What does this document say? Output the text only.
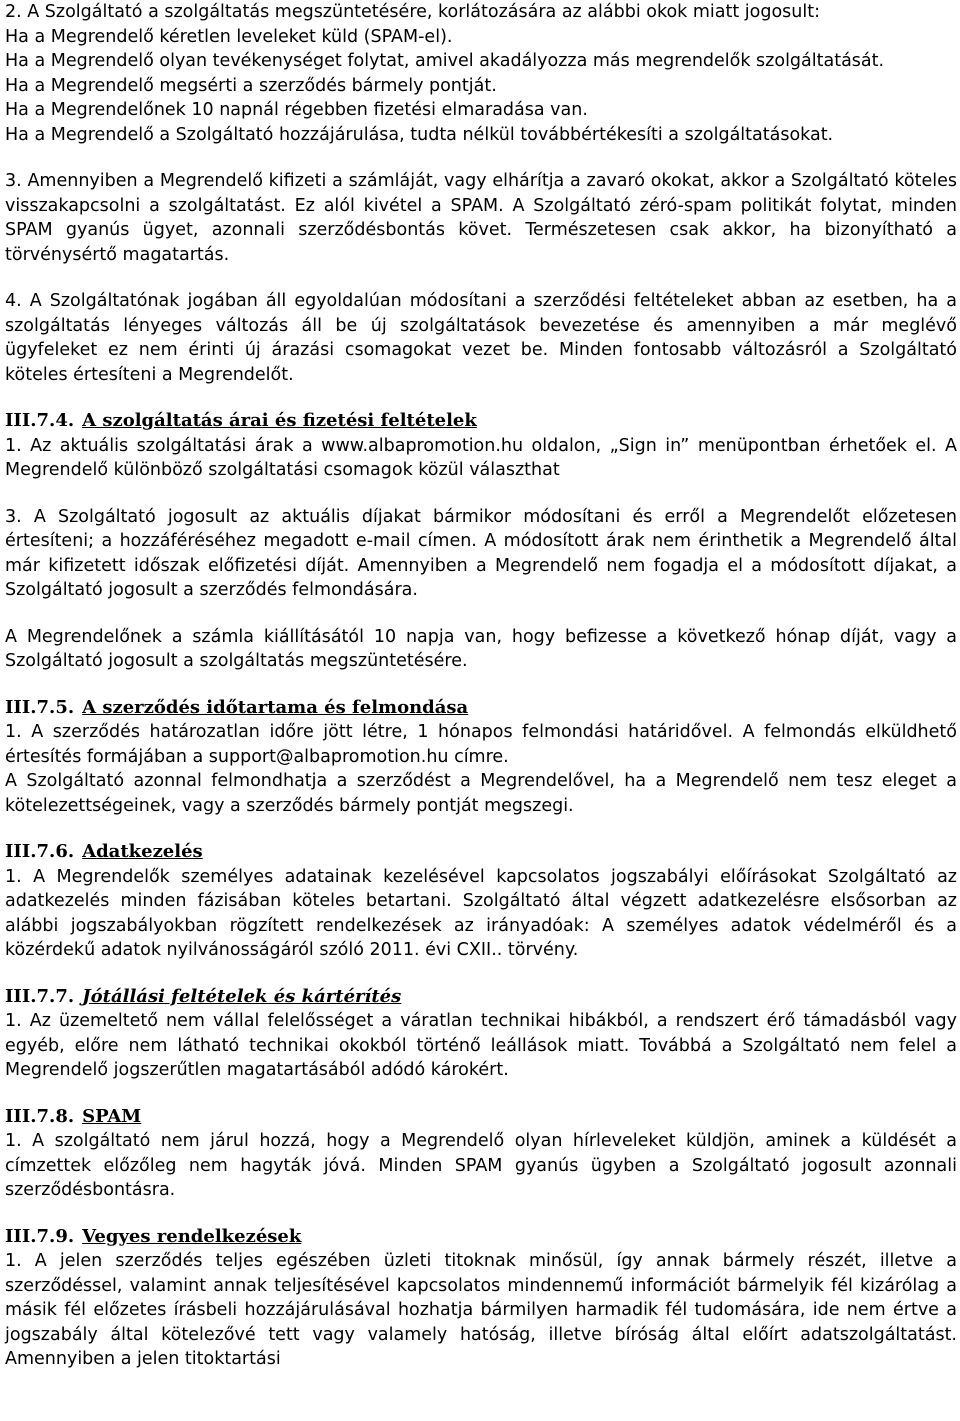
2. A Szolgáltató a szolgáltatás megszüntetésére, korlátozására az alábbi okok miatt jogosult:

Ha a Megrendelő kéretlen leveleket küld (SPAM-el).

Ha a Megrendelő olyan tevékenységet folytat, amivel akadályozza más megrendelők szolgáltatását.

Ha a Megrendelő megsérti a szerződés bármely pontját.

Ha a Megrendelőnek 10 napnál régebben fizetési elmaradása van.

Ha a Megrendelő a Szolgáltató hozzájárulása, tudta nélkül továbbértékesíti a szolgáltatásokat.

3. Amennyiben a Megrendelő kifizeti a számláját, vagy elhárítja a zavaró okokat, akkor a Szolgáltató köteles visszakapcsolni a szolgáltatást. Ez alól kivétel a SPAM. A Szolgáltató zéró-spam politikát folytat, minden SPAM gyanús ügyet, azonnali szerződésbontás követ. Természetesen csak akkor, ha bizonyítható a törvénysértő magatartás.

4. A Szolgáltatónak jogában áll egyoldalúan módosítani a szerződési feltételeket abban az esetben, ha a szolgáltatás lényeges változás áll be új szolgáltatások bevezetése és amennyiben a már meglévő ügyfeleket ez nem érinti új árazási csomagokat vezet be. Minden fontosabb változásról a Szolgáltató köteles értesíteni a Megrendelőt.

III.7.4. A szolgáltatás árai és fizetési feltételek

1. Az aktuális szolgáltatási árak a www.albapromotion.hu oldalon, „Sign in” menüpontban érhetőek el. A Megrendelő különböző szolgáltatási csomagok közül választhat

3. A Szolgáltató jogosult az aktuális díjakat bármikor módosítani és erről a Megrendelőt előzetesen értesíteni; a hozzáféréséhez megadott e-mail címen. A módosított árak nem érinthetik a Megrendelő által már kifizetett időszak előfizetési díját. Amennyiben a Megrendelő nem fogadja el a módosított díjakat, a Szolgáltató jogosult a szerződés felmondására.

A Megrendelőnek a számla kiállításától 10 napja van, hogy befizesse a következő hónap díját, vagy a Szolgáltató jogosult a szolgáltatás megszüntetésére.

III.7.5. A szerződés időtartama és felmondása

1. A szerződés határozatlan időre jött létre, 1 hónapos felmondási határidővel. A felmondás elküldhető értesítés formájában a support@albapromotion.hu címre.

A Szolgáltató azonnal felmondhatja a szerződést a Megrendelővel, ha a Megrendelő nem tesz eleget a kötelezettségeinek, vagy a szerződés bármely pontját megszegi.

III.7.6. Adatkezelés

1. A Megrendelők személyes adatainak kezelésével kapcsolatos jogszabályi előírásokat Szolgáltató az adatkezelés minden fázisában köteles betartani. Szolgáltató által végzett adatkezelésre elsősorban az alábbi jogszabályokban rögzített rendelkezések az irányadóak: A személyes adatok védelméről és a közérdekű adatok nyilvánosságáról szóló 2011. évi CXII.. törvény.

III.7.7. Jótállási feltételek és kártérítés

1. Az üzemeltető nem vállal felelősséget a váratlan technikai hibákból, a rendszert érő támadásból vagy egyéb, előre nem látható technikai okokból történő leállások miatt. Továbbá a Szolgáltató nem felel a Megrendelő jogszerűtlen magatartásából adódó károkért.

III.7.8. SPAM

1. A szolgáltató nem járul hozzá, hogy a Megrendelő olyan hírleveleket küldjön, aminek a küldését a címzettek előzőleg nem hagyták jóvá. Minden SPAM gyanús ügyben a Szolgáltató jogosult azonnali szerződésbontásra.

III.7.9. Vegyes rendelkezések

1. A jelen szerződés teljes egészében üzleti titoknak minősül, így annak bármely részét, illetve a szerződéssel, valamint annak teljesítésével kapcsolatos mindennemű információt bármelyik fél kizárólag a másik fél előzetes írásbeli hozzájárulásával hozhatja bármilyen harmadik fél tudomására, ide nem értve a jogszabály által kötelezővé tett vagy valamely hatóság, illetve bíróság által előírt adatszolgáltatást. Amennyiben a jelen titoktartási
